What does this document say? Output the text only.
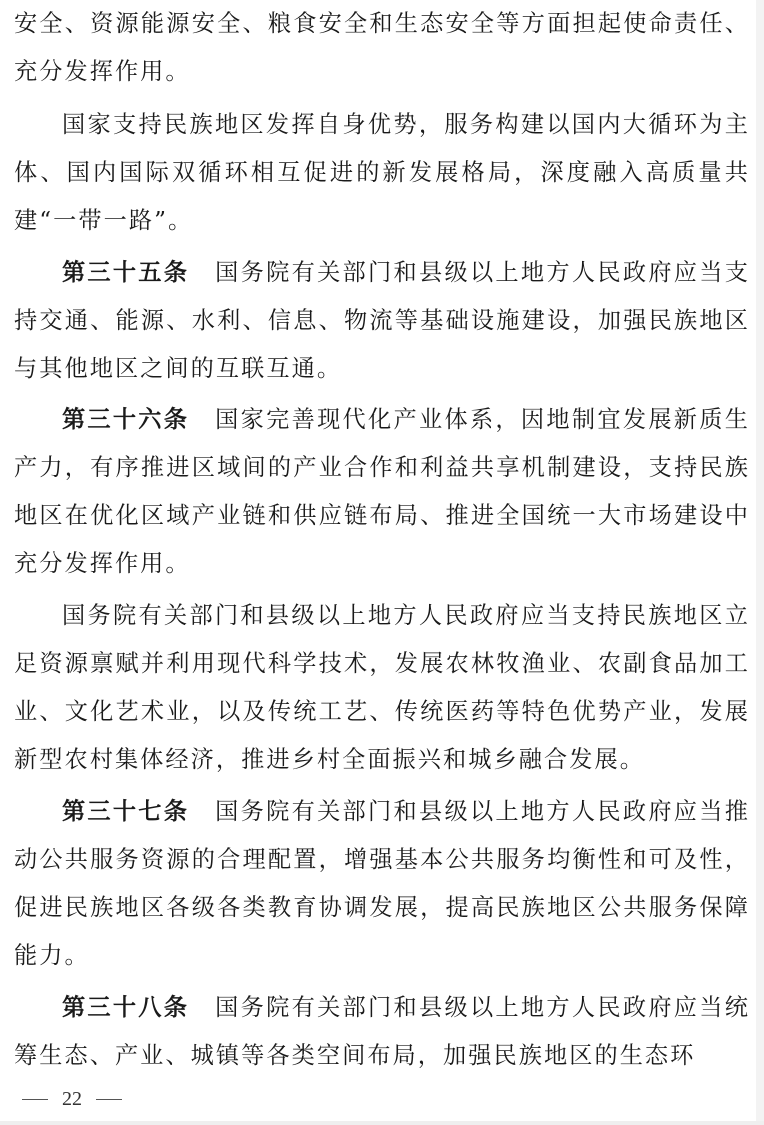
安全、资源能源安全、粮食安全和生态安全等方面担起使命责任、充分发挥作用。

国家支持民族地区发挥自身优势，服务构建以国内大循环为主体、国内国际双循环相互促进的新发展格局，深度融入高质量共建“一带一路”。

第三十五条 国务院有关部门和县级以上地方人民政府应当支持交通、能源、水利、信息、物流等基础设施建设，加强民族地区与其他地区之间的互联互通。

第三十六条 国家完善现代化产业体系，因地制宜发展新质生产力，有序推进区域间的产业合作和利益共享机制建设，支持民族地区在优化区域产业链和供应链布局、推进全国统一大市场建设中充分发挥作用。

国务院有关部门和县级以上地方人民政府应当支持民族地区立足资源禀赋并利用现代科学技术，发展农林牧渔业、农副食品加工业、文化艺术业，以及传统工艺、传统医药等特色优势产业，发展新型农村集体经济，推进乡村全面振兴和城乡融合发展。

第三十七条 国务院有关部门和县级以上地方人民政府应当推动公共服务资源的合理配置，增强基本公共服务均衡性和可及性，促进民族地区各级各类教育协调发展，提高民族地区公共服务保障能力。

第三十八条 国务院有关部门和县级以上地方人民政府应当统筹生态、产业、城镇等各类空间布局，加强民族地区的生态环

22
